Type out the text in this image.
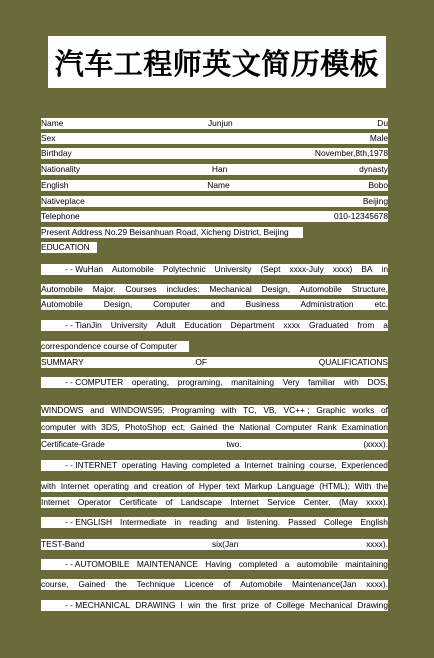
汽车工程师英文简历模板
Name	Junjun	Du
Sex	Male
Birthday	November,8th,1978
Nationality	Han	dynasty
English	Name	Bobo
Nativeplace	Beijing
Telephone	010-12345678
Present Address No.29 Beisanhuan Road, Xicheng District, Beijing
EDUCATION
- - WuHan Automobile Polytechnic University (Sept xxxx-July xxxx) BA in
Automobile Major. Courses includes: Mechanical Design, Automobile Structure,
Automobile Design, Computer and Business Administration etc.
- - TianJin University Adult Education Department xxxx Graduated from a
correspondence course of Computer
SUMMARY	OF	QUALIFICATIONS
- - COMPUTER operating, programing, manitaining Very familiar with DOS,
WINDOWS and WINDOWS95; Programing with TC, VB, VC++ ; Graphic works of
computer with 3DS, PhotoShop ect; Gained the National Computer Rank Examination
Certificate-Grade	two.	(xxxx).
- - INTERNET operating Having completed a Internet training course, Experienced
with Internet operating and creation of Hyper text Markup Language (HTML); With the
Internet Operator Certificate of Landscape Internet Service Center. (May xxxx).
- - ENGLISH Intermediate in reading and listening. Passed College English
TEST-Band	six(Jan	xxxx).
- - AUTOMOBILE MAINTENANCE Having completed a automobile maintaining
course, Gained the Technique Licence of Automobile Maintenance(Jan xxxx).
- - MECHANICAL DRAWING I win the first prize of College Mechanical Drawing
